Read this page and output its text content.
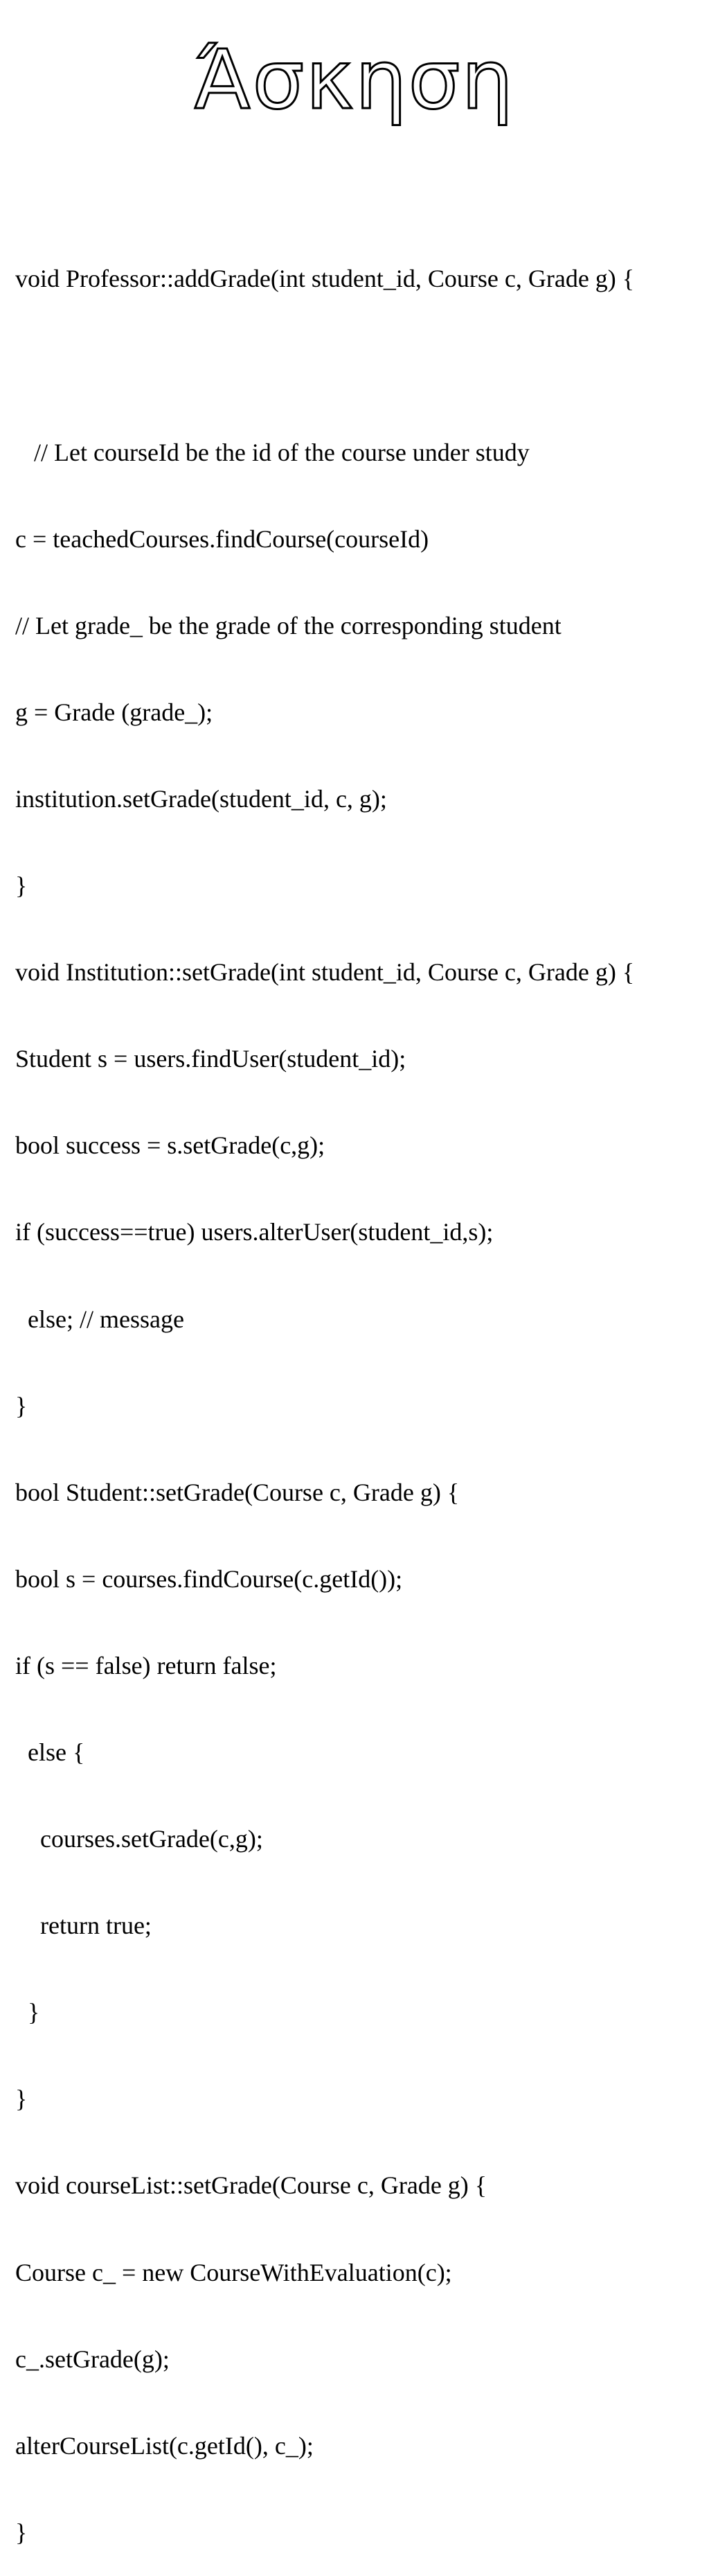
Άσκηση

void Professor::addGrade(int student_id, Course c, Grade g) {

// Let courseId be the id of the course under study

c = teachedCourses.findCourse(courseId)

// Let grade_ be the grade of the corresponding student

g = Grade (grade_);

institution.setGrade(student_id, c, g);

}

void Institution::setGrade(int student_id, Course c, Grade g) {

Student s = users.findUser(student_id);

bool success = s.setGrade(c,g);

if (success==true) users.alterUser(student_id,s);

else; // message

}

bool Student::setGrade(Course c, Grade g) {

bool s = courses.findCourse(c.getId());

if (s == false) return false;

else {

courses.setGrade(c,g);

return true;

}

}

void courseList::setGrade(Course c, Grade g) {

Course c_ = new CourseWithEvaluation(c);

c_.setGrade(g);

alterCourseList(c.getId(), c_);

}
